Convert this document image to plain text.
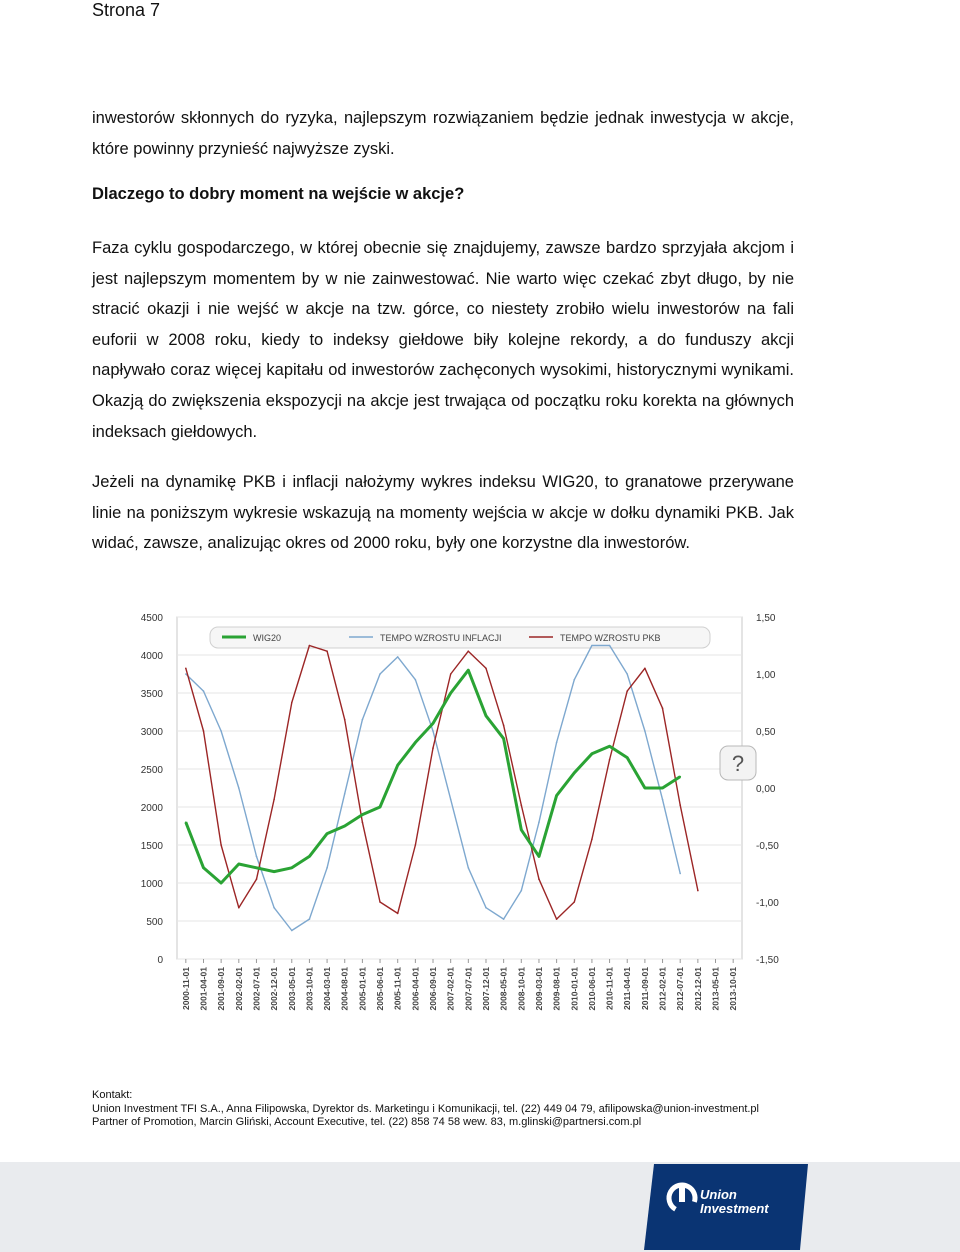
Strona 7

inwestorów skłonnych do ryzyka, najlepszym rozwiązaniem będzie jednak inwestycja w akcje, które powinny przynieść najwyższe zyski.

Dlaczego to dobry moment na wejście w akcje?

Faza cyklu gospodarczego, w której obecnie się znajdujemy, zawsze bardzo sprzyjała akcjom i jest najlepszym momentem by w nie zainwestować. Nie warto więc czekać zbyt długo, by nie stracić okazji i nie wejść w akcje na tzw. górce, co niestety zrobiło wielu inwestorów na fali euforii w 2008 roku, kiedy to indeksy giełdowe biły kolejne rekordy, a do funduszy akcji napływało coraz więcej kapitału od inwestorów zachęconych wysokimi, historycznymi wynikami. Okazją do zwiększenia ekspozycji na akcje jest trwająca od początku roku korekta na głównych indeksach giełdowych.

Jeżeli na dynamikę PKB i inflacji nałożymy wykres indeksu WIG20, to granatowe przerywane linie na poniższym wykresie wskazują na momenty wejścia w akcje w dołku dynamiki PKB. Jak widać, zawsze, analizując okres od 2000 roku, były one korzystne dla inwestorów.

4500
4000
3500
3000
2500
2000
1500
1000
500
0
1,50
1,00
0,50
0,00
-0,50
-1,00
-1,50
2000-11-01 2001-04-01 2001-09-01 2002-02-01 2002-07-01 2002-12-01 2003-05-01 2003-10-01 2004-03-01 2004-08-01 2005-01-01 2005-06-01 2005-11-01 2006-04-01 2006-09-01 2007-02-01 2007-07-01 2007-12-01 2008-05-01 2008-10-01 2009-03-01 2009-08-01 2010-01-01 2010-06-01 2010-11-01 2011-04-01 2011-09-01 2012-02-01 2012-07-01 2012-12-01 2013-05-01 2013-10-01
WIG20	TEMPO WZROSTU INFLACJI	TEMPO WZROSTU PKB
?
Kontakt:
Union Investment TFI S.A., Anna Filipowska, Dyrektor ds. Marketingu i Komunikacji, tel. (22) 449 04 79, afilipowska@union-investment.pl
Partner of Promotion, Marcin Gliński, Account Executive, tel. (22) 858 74 58 wew. 83, m.glinski@partnersi.com.pl
Union
Investment
